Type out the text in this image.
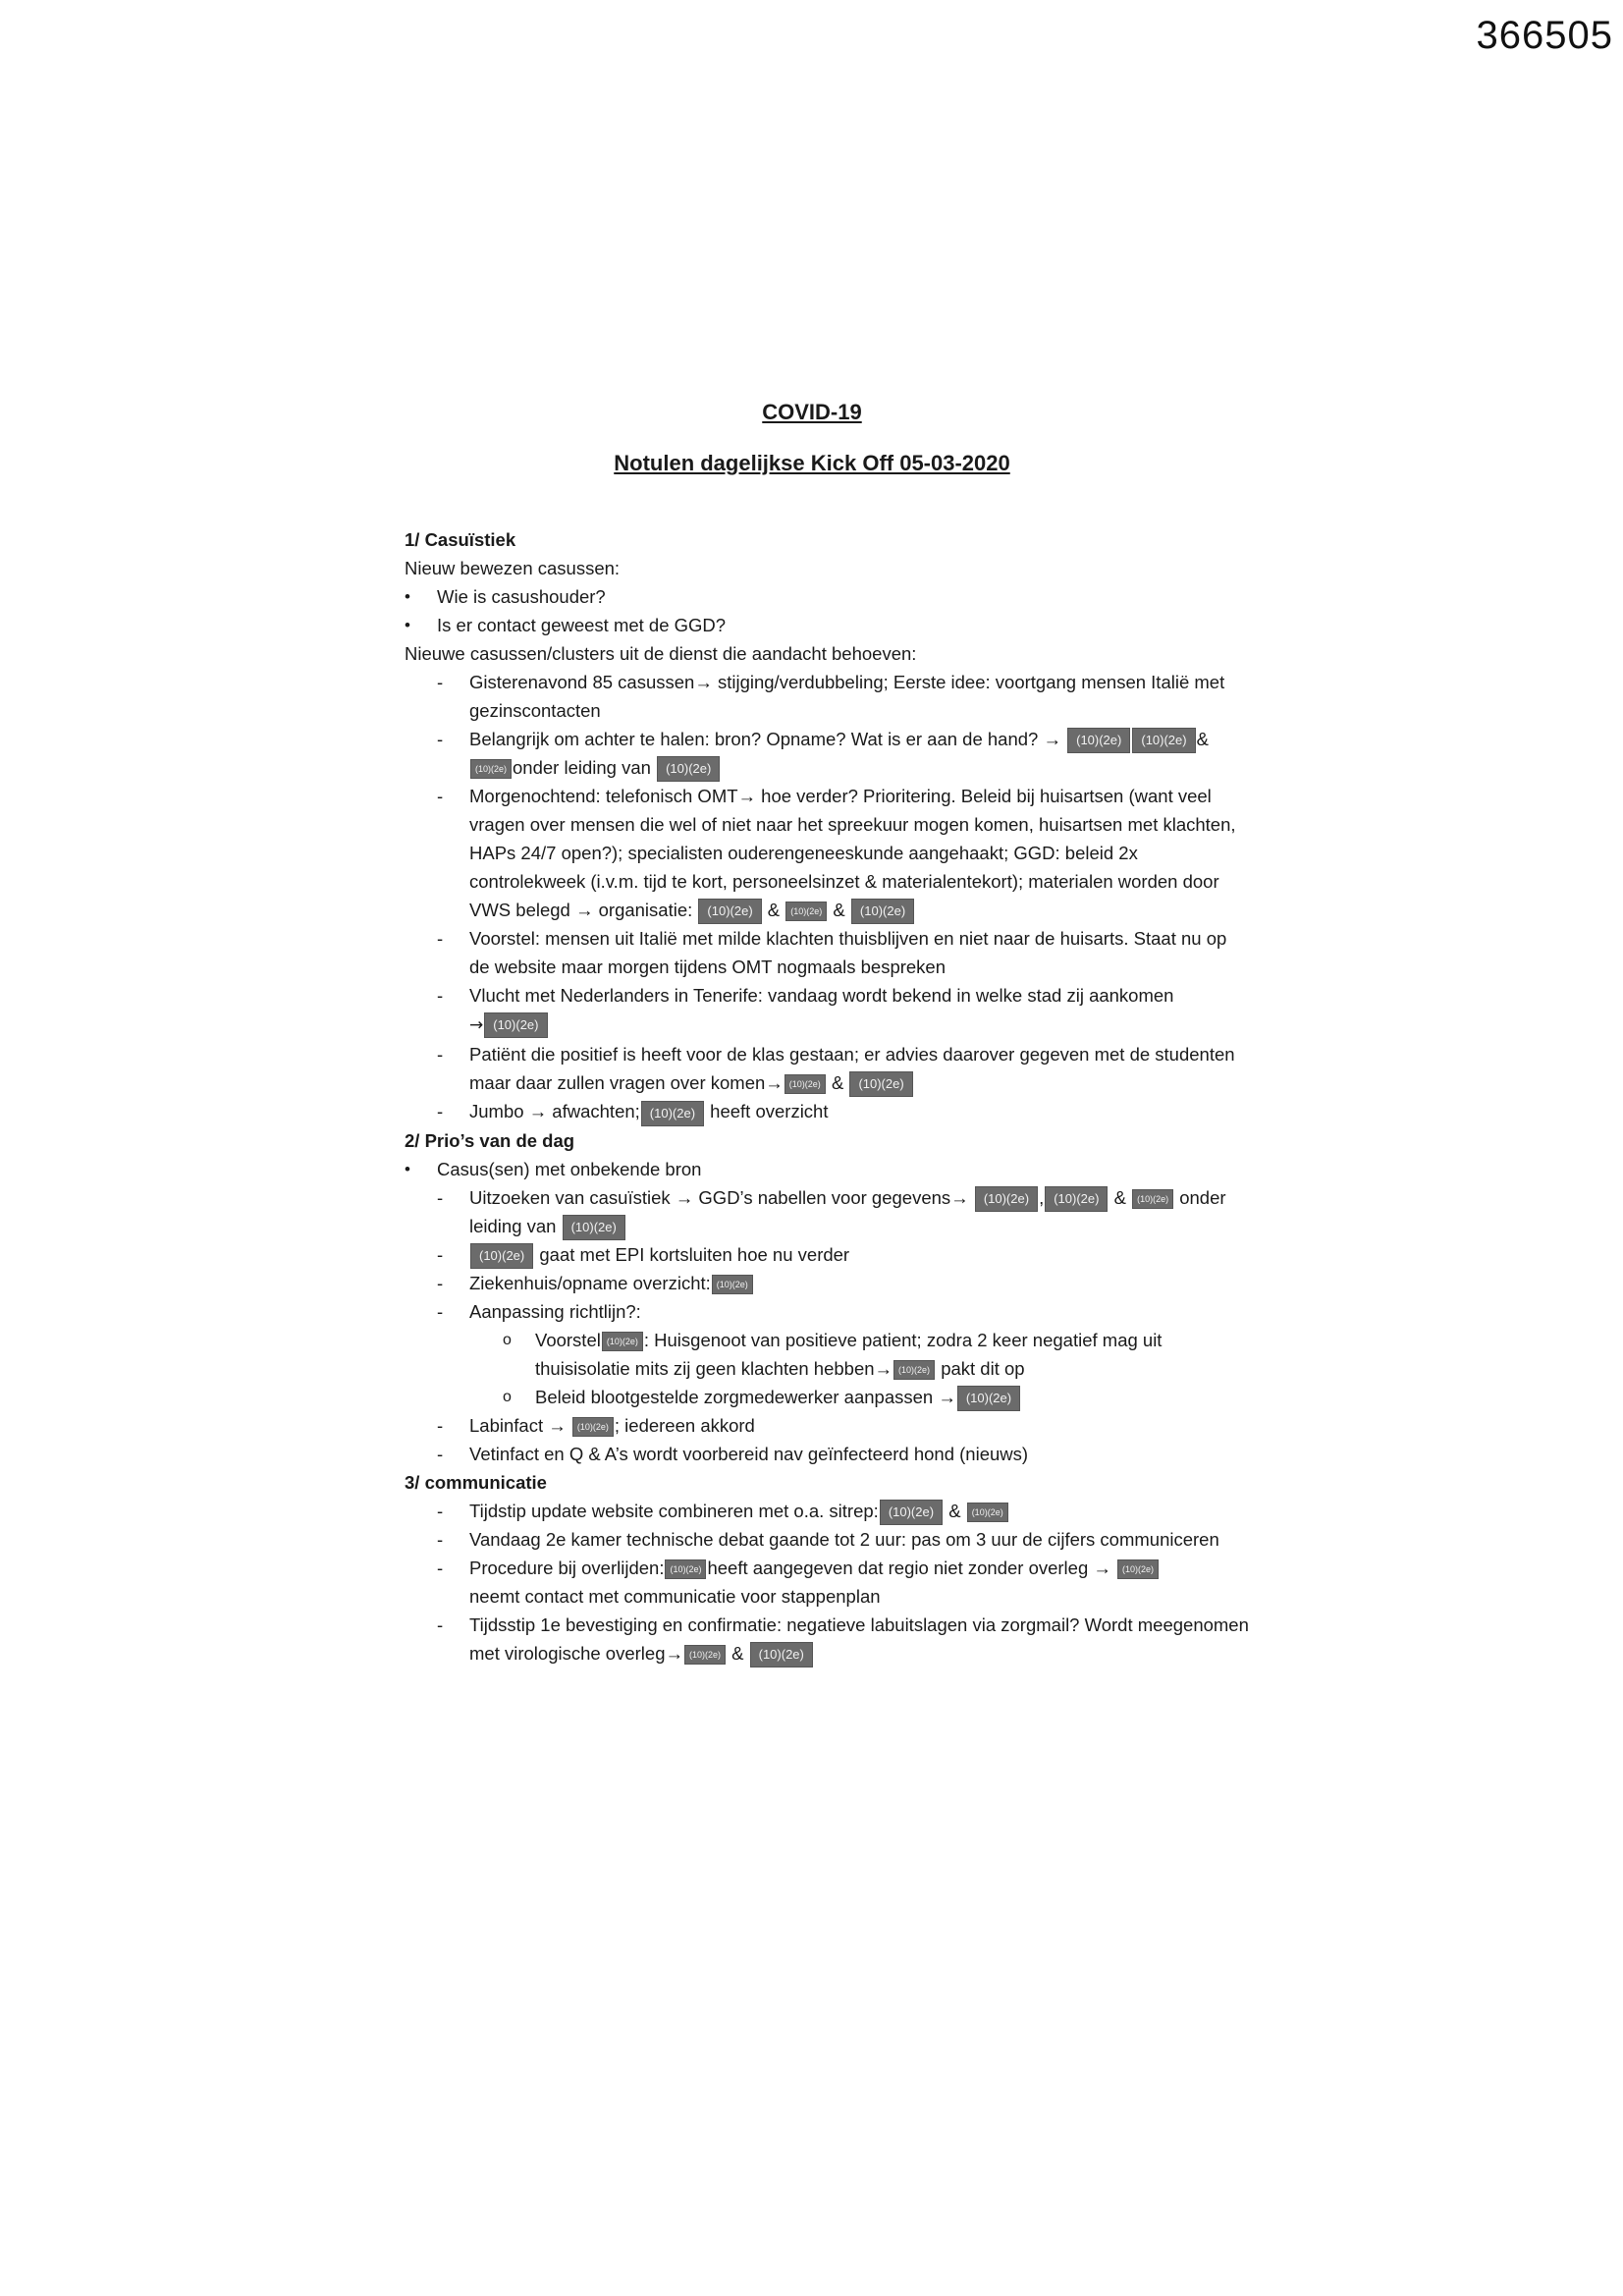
366505

COVID-19

Notulen dagelijkse Kick Off 05-03-2020

1/ Casuïstiek

Nieuw bewezen casussen:

• Wie is casushouder?

• Is er contact geweest met de GGD?

Nieuwe casussen/clusters uit de dienst die aandacht behoeven:

- Gisterenavond 85 casussen→ stijging/verdubbeling; Eerste idee: voortgang mensen Italië met gezinscontacten

- Belangrijk om achter te halen: bron? Opname? Wat is er aan de hand? → (10)(2e) (10)(2e) &
(10)(2e) onder leiding van (10)(2e)

- Morgenochtend: telefonisch OMT→ hoe verder? Prioritering. Beleid bij huisartsen (want veel vragen over mensen die wel of niet naar het spreekuur mogen komen, huisartsen met klachten, HAPs 24/7 open?); specialisten ouderengeneeskunde aangehaakt; GGD: beleid 2x controlekweek (i.v.m. tijd te kort, personeelsinzet & materialentekort); materialen worden door VWS belegd → organisatie: (10)(2e) & (10)(2e) & (10)(2e)

- Voorstel: mensen uit Italië met milde klachten thuisblijven en niet naar de huisarts. Staat nu op de website maar morgen tijdens OMT nogmaals bespreken

- Vlucht met Nederlanders in Tenerife: vandaag wordt bekend in welke stad zij aankomen
→ (10)(2e)

- Patiënt die positief is heeft voor de klas gestaan; er advies daarover gegeven met de studenten maar daar zullen vragen over komen→ (10)(2e) & (10)(2e)

- Jumbo → afwachten; (10)(2e) heeft overzicht

2/ Prio’s van de dag

• Casus(sen) met onbekende bron

- Uitzoeken van casuïstiek → GGD’s nabellen voor gegevens→ (10)(2e) , (10)(2e) & (10)(2e) onder leiding van (10)(2e)

- (10)(2e) gaat met EPI kortsluiten hoe nu verder

- Ziekenhuis/opname overzicht: (10)(2e)

- Aanpassing richtlijn?:

o Voorstel (10)(2e) : Huisgenoot van positieve patient; zodra 2 keer negatief mag uit thuisisolatie mits zij geen klachten hebben→ (10)(2e) pakt dit op

o Beleid blootgestelde zorgmedewerker aanpassen → (10)(2e)

- Labinfact → (10)(2e) ; iedereen akkord

- Vetinfact en Q & A’s wordt voorbereid nav geïnfecteerd hond (nieuws)

3/ communicatie

- Tijdstip update website combineren met o.a. sitrep: (10)(2e) & (10)(2e)

- Vandaag 2e kamer technische debat gaande tot 2 uur: pas om 3 uur de cijfers communiceren

- Procedure bij overlijden: (10)(2e) heeft aangegeven dat regio niet zonder overleg → (10)(2e)
neemt contact met communicatie voor stappenplan

- Tijdsstip 1e bevestiging en confirmatie: negatieve labuitslagen via zorgmail? Wordt meegenomen met virologische overleg→ (10)(2e) & (10)(2e)
